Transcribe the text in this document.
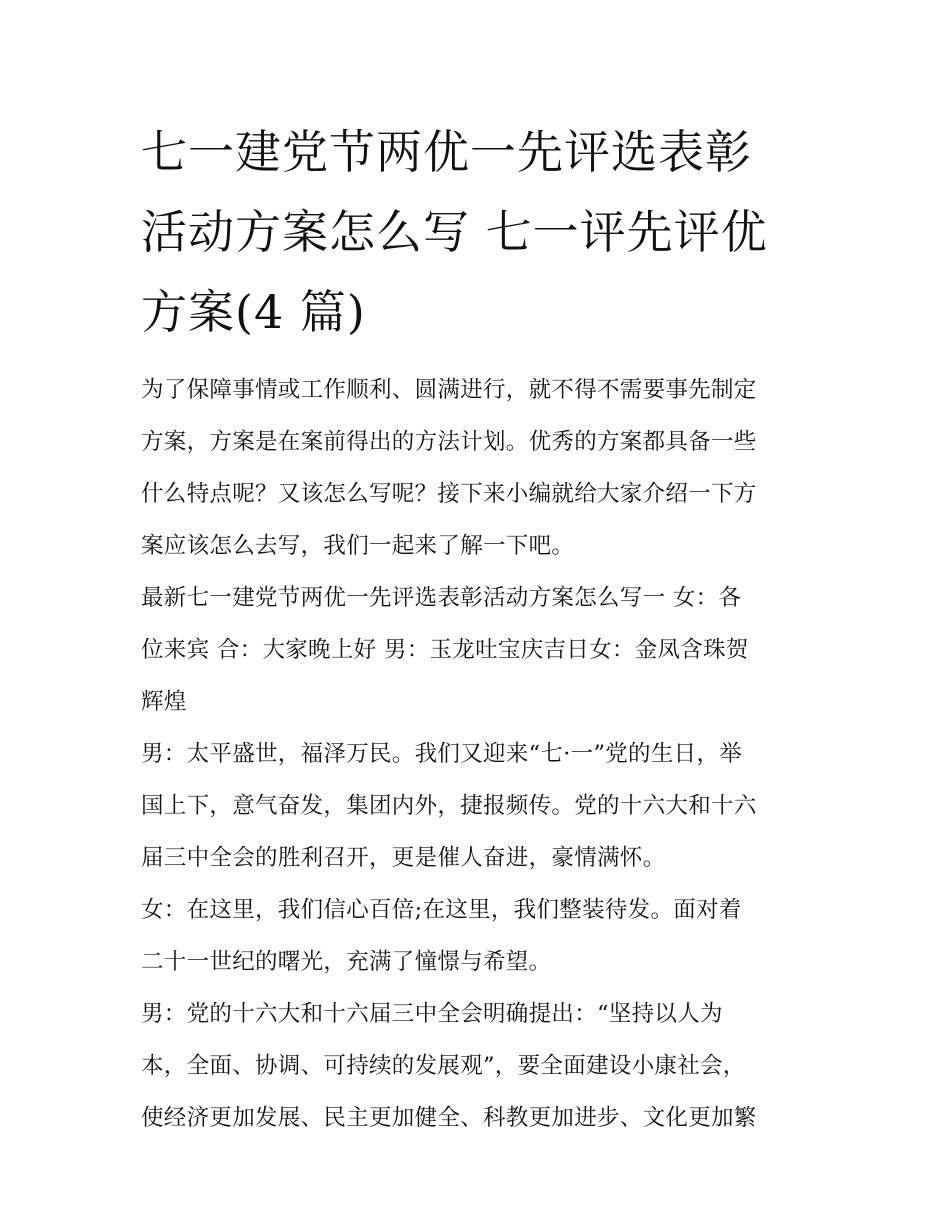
七一建党节两优一先评选表彰
活动方案怎么写 七一评先评优
方案(4 篇)

为了保障事情或工作顺利、圆满进行，就不得不需要事先制定
方案，方案是在案前得出的方法计划。优秀的方案都具备一些
什么特点呢？又该怎么写呢？接下来小编就给大家介绍一下方
案应该怎么去写，我们一起来了解一下吧。

最新七一建党节两优一先评选表彰活动方案怎么写一 女：各
位来宾 合：大家晚上好 男：玉龙吐宝庆吉日女：金凤含珠贺
辉煌

男：太平盛世，福泽万民。我们又迎来“七·一”党的生日，举
国上下，意气奋发，集团内外，捷报频传。党的十六大和十六
届三中全会的胜利召开，更是催人奋进，豪情满怀。

女：在这里，我们信心百倍;在这里，我们整装待发。面对着
二十一世纪的曙光，充满了憧憬与希望。

男：党的十六大和十六届三中全会明确提出：“坚持以人为
本，全面、协调、可持续的发展观”，要全面建设小康社会，
使经济更加发展、民主更加健全、科教更加进步、文化更加繁
